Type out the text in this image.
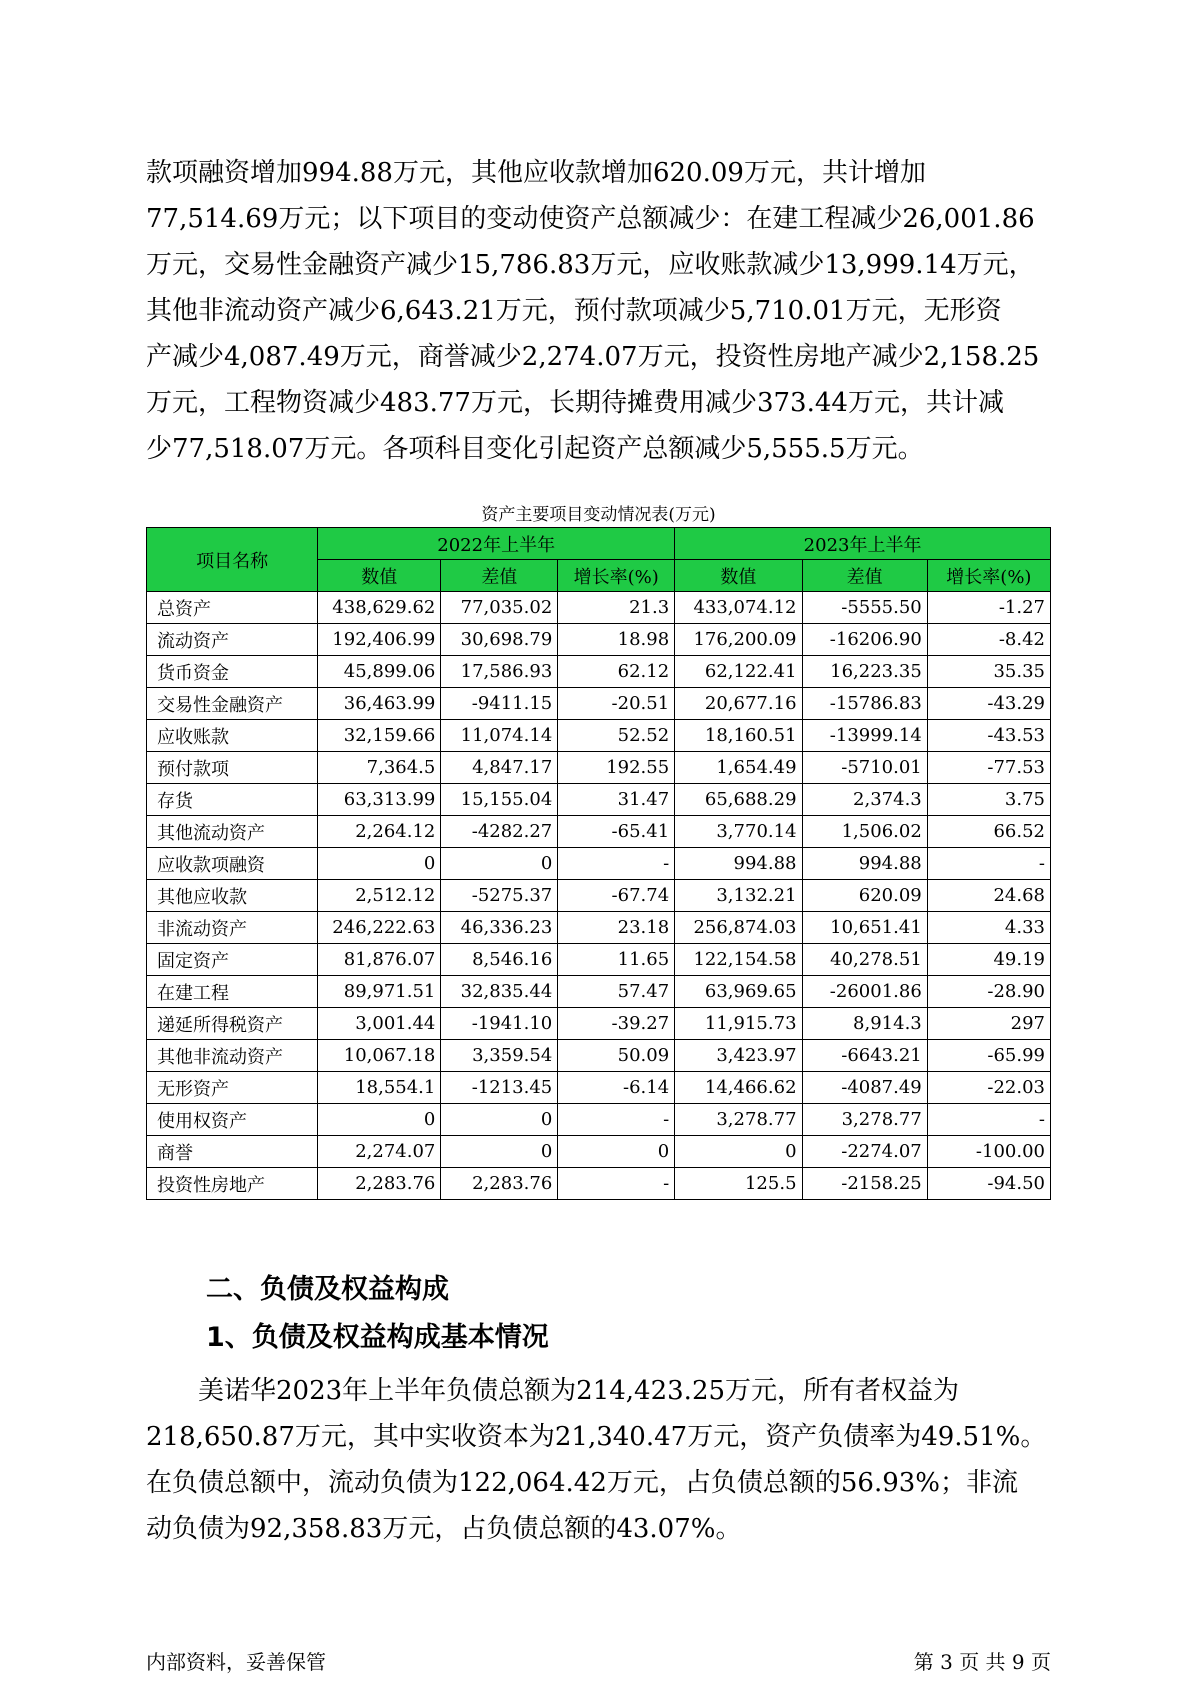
款项融资增加994.88万元，其他应收款增加620.09万元，共计增加

77,514.69万元；以下项目的变动使资产总额减少：在建工程减少26,001.86

万元，交易性金融资产减少15,786.83万元，应收账款减少13,999.14万元，

其他非流动资产减少6,643.21万元，预付款项减少5,710.01万元，无形资

产减少4,087.49万元，商誉减少2,274.07万元，投资性房地产减少2,158.25

万元，工程物资减少483.77万元，长期待摊费用减少373.44万元，共计减

少77,518.07万元。各项科目变化引起资产总额减少5,555.5万元。

资产主要项目变动情况表(万元)
项目名称	2022年上半年			2023年上半年		
	数值	差值	增长率(%)	数值	差值	增长率(%)
总资产	438,629.62	77,035.02	21.3	433,074.12	-5555.50	-1.27
流动资产	192,406.99	30,698.79	18.98	176,200.09	-16206.90	-8.42
货币资金	45,899.06	17,586.93	62.12	62,122.41	16,223.35	35.35
交易性金融资产	36,463.99	-9411.15	-20.51	20,677.16	-15786.83	-43.29
应收账款	32,159.66	11,074.14	52.52	18,160.51	-13999.14	-43.53
预付款项	7,364.5	4,847.17	192.55	1,654.49	-5710.01	-77.53
存货	63,313.99	15,155.04	31.47	65,688.29	2,374.3	3.75
其他流动资产	2,264.12	-4282.27	-65.41	3,770.14	1,506.02	66.52
应收款项融资	0	0	-	994.88	994.88	-
其他应收款	2,512.12	-5275.37	-67.74	3,132.21	620.09	24.68
非流动资产	246,222.63	46,336.23	23.18	256,874.03	10,651.41	4.33
固定资产	81,876.07	8,546.16	11.65	122,154.58	40,278.51	49.19
在建工程	89,971.51	32,835.44	57.47	63,969.65	-26001.86	-28.90
递延所得税资产	3,001.44	-1941.10	-39.27	11,915.73	8,914.3	297
其他非流动资产	10,067.18	3,359.54	50.09	3,423.97	-6643.21	-65.99
无形资产	18,554.1	-1213.45	-6.14	14,466.62	-4087.49	-22.03
使用权资产	0	0	-	3,278.77	3,278.77	-
商誉	2,274.07	0	0	0	-2274.07	-100.00
投资性房地产	2,283.76	2,283.76	-	125.5	-2158.25	-94.50
二、负债及权益构成
1、负债及权益构成基本情况

美诺华2023年上半年负债总额为214,423.25万元，所有者权益为

218,650.87万元，其中实收资本为21,340.47万元，资产负债率为49.51%。

在负债总额中，流动负债为122,064.42万元，占负债总额的56.93%；非流

动负债为92,358.83万元，占负债总额的43.07%。

内部资料，妥善保管	第 3 页 共 9 页
